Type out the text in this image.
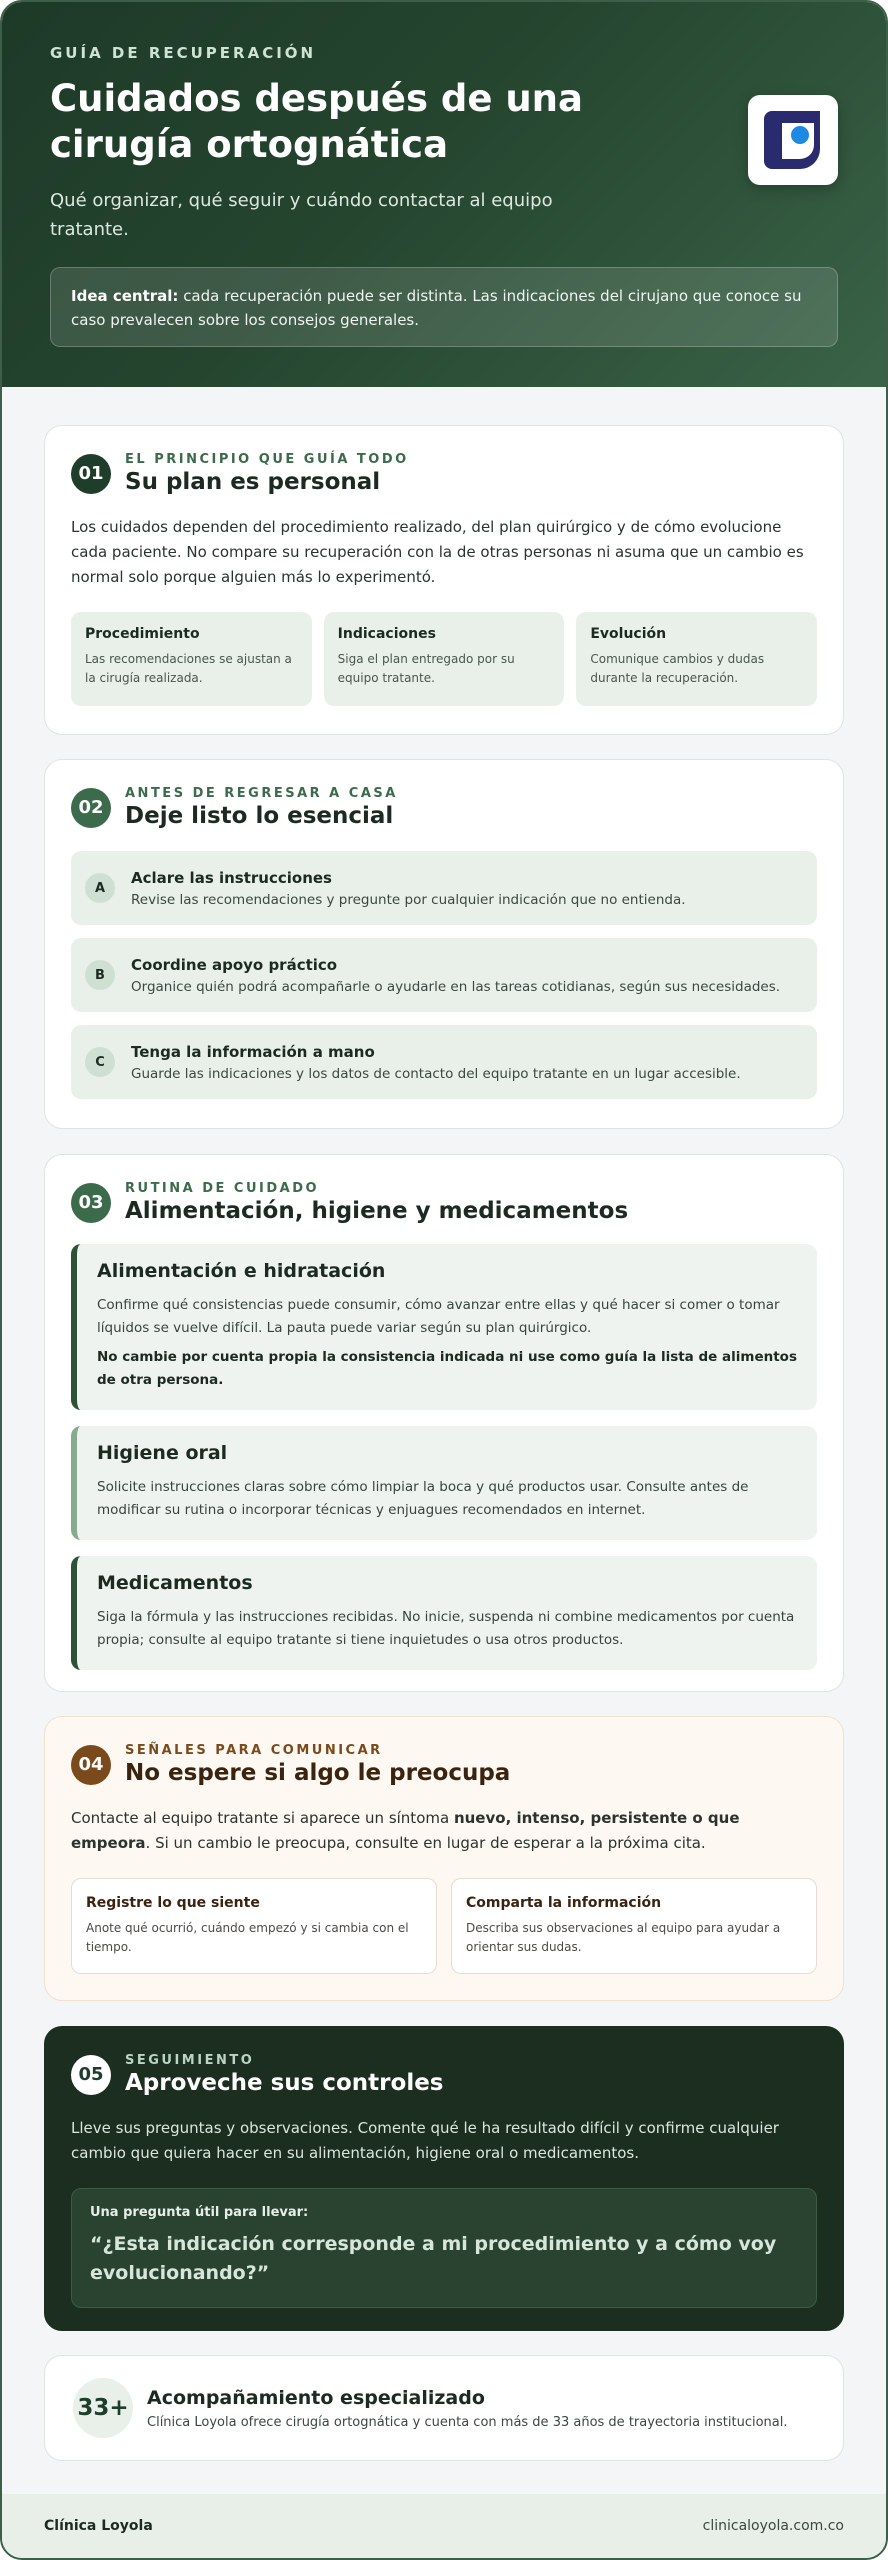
GUÍA DE RECUPERACIÓN
Cuidados después de una cirugía ortognática

Qué organizar, qué seguir y cuándo contactar al equipo tratante.

Idea central: cada recuperación puede ser distinta. Las indicaciones del cirujano que conoce su caso prevalecen sobre los consejos generales.
01
EL PRINCIPIO QUE GUÍA TODO
Su plan es personal

Los cuidados dependen del procedimiento realizado, del plan quirúrgico y de cómo evolucione cada paciente. No compare su recuperación con la de otras personas ni asuma que un cambio es normal solo porque alguien más lo experimentó.

Procedimiento
Las recomendaciones se ajustan a la cirugía realizada.
Indicaciones
Siga el plan entregado por su equipo tratante.
Evolución
Comunique cambios y dudas durante la recuperación.
02
ANTES DE REGRESAR A CASA
Deje listo lo esencial
A
Aclare las instrucciones
Revise las recomendaciones y pregunte por cualquier indicación que no entienda.
B
Coordine apoyo práctico
Organice quién podrá acompañarle o ayudarle en las tareas cotidianas, según sus necesidades.
C
Tenga la información a mano
Guarde las indicaciones y los datos de contacto del equipo tratante en un lugar accesible.
03
RUTINA DE CUIDADO
Alimentación, higiene y medicamentos
Alimentación e hidratación
Confirme qué consistencias puede consumir, cómo avanzar entre ellas y qué hacer si comer o tomar líquidos se vuelve difícil. La pauta puede variar según su plan quirúrgico.
No cambie por cuenta propia la consistencia indicada ni use como guía la lista de alimentos de otra persona.
Higiene oral
Solicite instrucciones claras sobre cómo limpiar la boca y qué productos usar. Consulte antes de modificar su rutina o incorporar técnicas y enjuagues recomendados en internet.
Medicamentos
Siga la fórmula y las instrucciones recibidas. No inicie, suspenda ni combine medicamentos por cuenta propia; consulte al equipo tratante si tiene inquietudes o usa otros productos.
04
SEÑALES PARA COMUNICAR
No espere si algo le preocupa

Contacte al equipo tratante si aparece un síntoma nuevo, intenso, persistente o que empeora. Si un cambio le preocupa, consulte en lugar de esperar a la próxima cita.

Registre lo que siente
Anote qué ocurrió, cuándo empezó y si cambia con el tiempo.
Comparta la información
Describa sus observaciones al equipo para ayudar a orientar sus dudas.
05
SEGUIMIENTO
Aproveche sus controles

Lleve sus preguntas y observaciones. Comente qué le ha resultado difícil y confirme cualquier cambio que quiera hacer en su alimentación, higiene oral o medicamentos.

Una pregunta útil para llevar:
“¿Esta indicación corresponde a mi procedimiento y a cómo voy evolucionando?”
33+ Acompañamiento especializado
Clínica Loyola ofrece cirugía ortognática y cuenta con más de 33 años de trayectoria institucional.
Clínica Loyola	clinicaloyola.com.co
